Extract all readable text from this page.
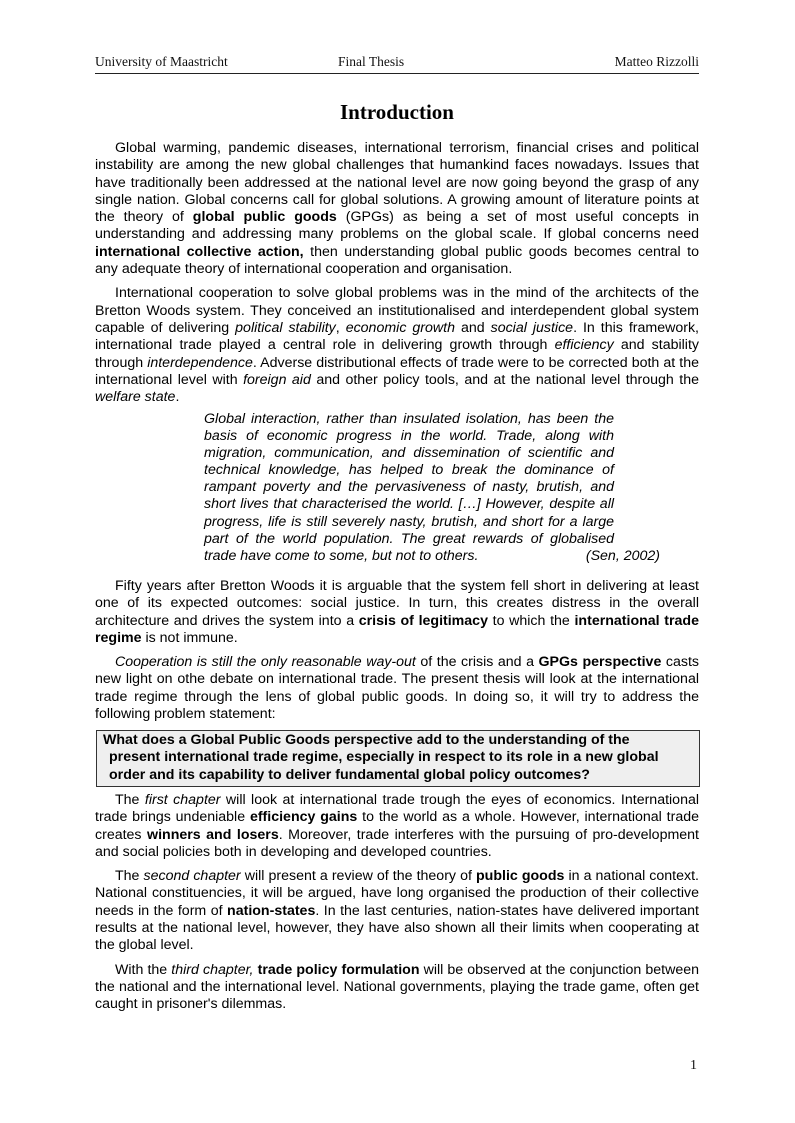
University of Maastricht	Final Thesis	Matteo Rizzolli
Introduction

Global warming, pandemic diseases, international terrorism, financial crises and political instability are among the new global challenges that humankind faces nowadays. Issues that have traditionally been addressed at the national level are now going beyond the grasp of any single nation. Global concerns call for global solutions. A growing amount of literature points at the theory of global public goods (GPGs) as being a set of most useful concepts in understanding and addressing many problems on the global scale. If global concerns need international collective action, then understanding global public goods becomes central to any adequate theory of international cooperation and organisation.

International cooperation to solve global problems was in the mind of the architects of the Bretton Woods system. They conceived an institutionalised and interdependent global system capable of delivering political stability, economic growth and social justice. In this framework, international trade played a central role in delivering growth through efficiency and stability through interdependence. Adverse distributional effects of trade were to be corrected both at the international level with foreign aid and other policy tools, and at the national level through the welfare state.

Global interaction, rather than insulated isolation, has been the basis of economic progress in the world. Trade, along with migration, communication, and dissemination of scientific and technical knowledge, has helped to break the dominance of rampant poverty and the pervasiveness of nasty, brutish, and short lives that characterised the world. […] However, despite all progress, life is still severely nasty, brutish, and short for a large part of the world population. The great rewards of globalised trade have come to some, but not to others.	(Sen, 2002)

Fifty years after Bretton Woods it is arguable that the system fell short in delivering at least one of its expected outcomes: social justice. In turn, this creates distress in the overall architecture and drives the system into a crisis of legitimacy to which the international trade regime is not immune.

Cooperation is still the only reasonable way-out of the crisis and a GPGs perspective casts new light on othe debate on international trade. The present thesis will look at the international trade regime through the lens of global public goods. In doing so, it will try to address the following problem statement:

What does a Global Public Goods perspective add to the understanding of the
present international trade regime, especially in respect to its role in a new global
order and its capability to deliver fundamental global policy outcomes?

The first chapter will look at international trade trough the eyes of economics. International trade brings undeniable efficiency gains to the world as a whole. However, international trade creates winners and losers. Moreover, trade interferes with the pursuing of pro-development and social policies both in developing and developed countries.

The second chapter will present a review of the theory of public goods in a national context. National constituencies, it will be argued, have long organised the production of their collective needs in the form of nation-states. In the last centuries, nation-states have delivered important results at the national level, however, they have also shown all their limits when cooperating at the global level.

With the third chapter, trade policy formulation will be observed at the conjunction between the national and the international level. National governments, playing the trade game, often get caught in prisoner's dilemmas.

1
